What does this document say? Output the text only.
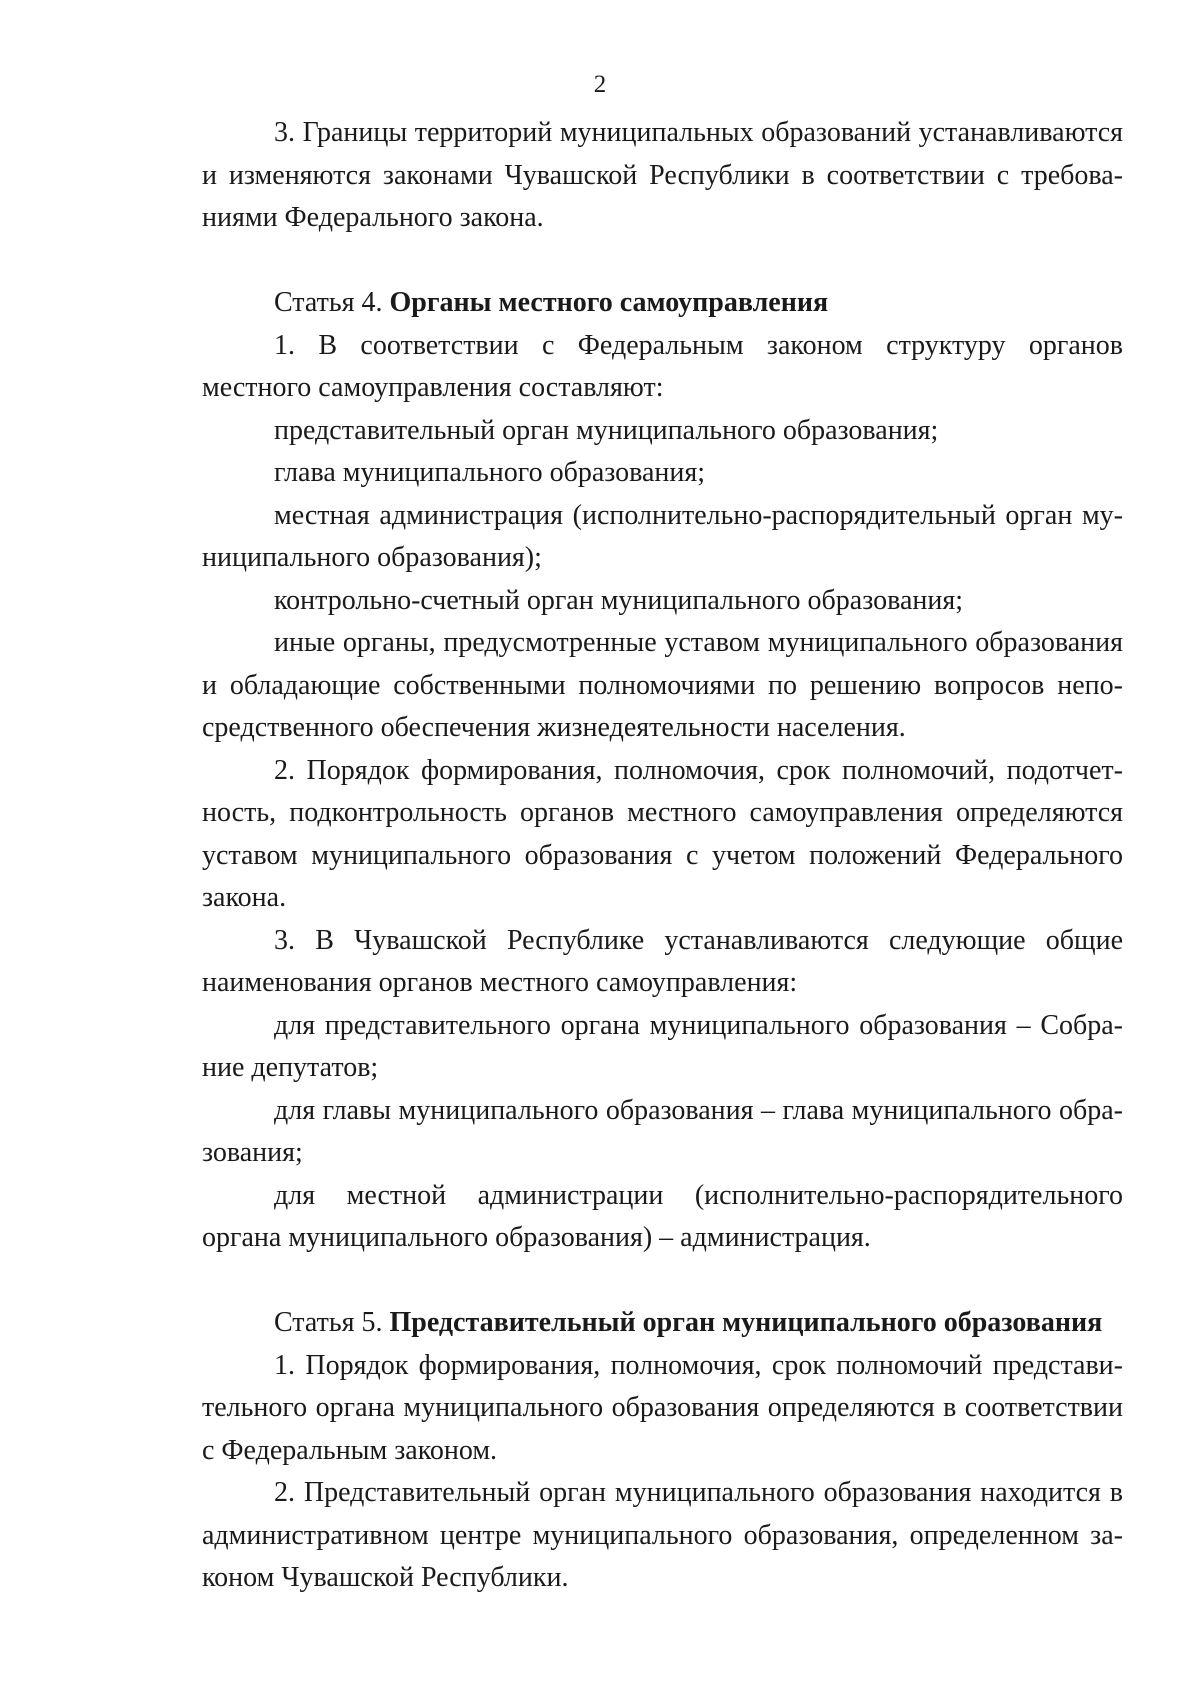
2

3. Границы территорий муниципальных образований устанавливаются и изменяются законами Чувашской Республики в соответствии с требованиями Федерального закона.

Статья 4. Органы местного самоуправления

1. В соответствии с Федеральным законом структуру органов местного самоуправления составляют:

представительный орган муниципального образования;

глава муниципального образования;

местная администрация (исполнительно-распорядительный орган муниципального образования);

контрольно-счетный орган муниципального образования;

иные органы, предусмотренные уставом муниципального образования и обладающие собственными полномочиями по решению вопросов непосредственного обеспечения жизнедеятельности населения.

2. Порядок формирования, полномочия, срок полномочий, подотчетность, подконтрольность органов местного самоуправления определяются уставом муниципального образования с учетом положений Федерального закона.

3. В Чувашской Республике устанавливаются следующие общие наименования органов местного самоуправления:

для представительного органа муниципального образования – Собрание депутатов;

для главы муниципального образования – глава муниципального образования;

для местной администрации (исполнительно-распорядительного органа муниципального образования) – администрация.

Статья 5. Представительный орган муниципального образования

1. Порядок формирования, полномочия, срок полномочий представительного органа муниципального образования определяются в соответствии с Федеральным законом.

2. Представительный орган муниципального образования находится в административном центре муниципального образования, определенном законом Чувашской Республики.
